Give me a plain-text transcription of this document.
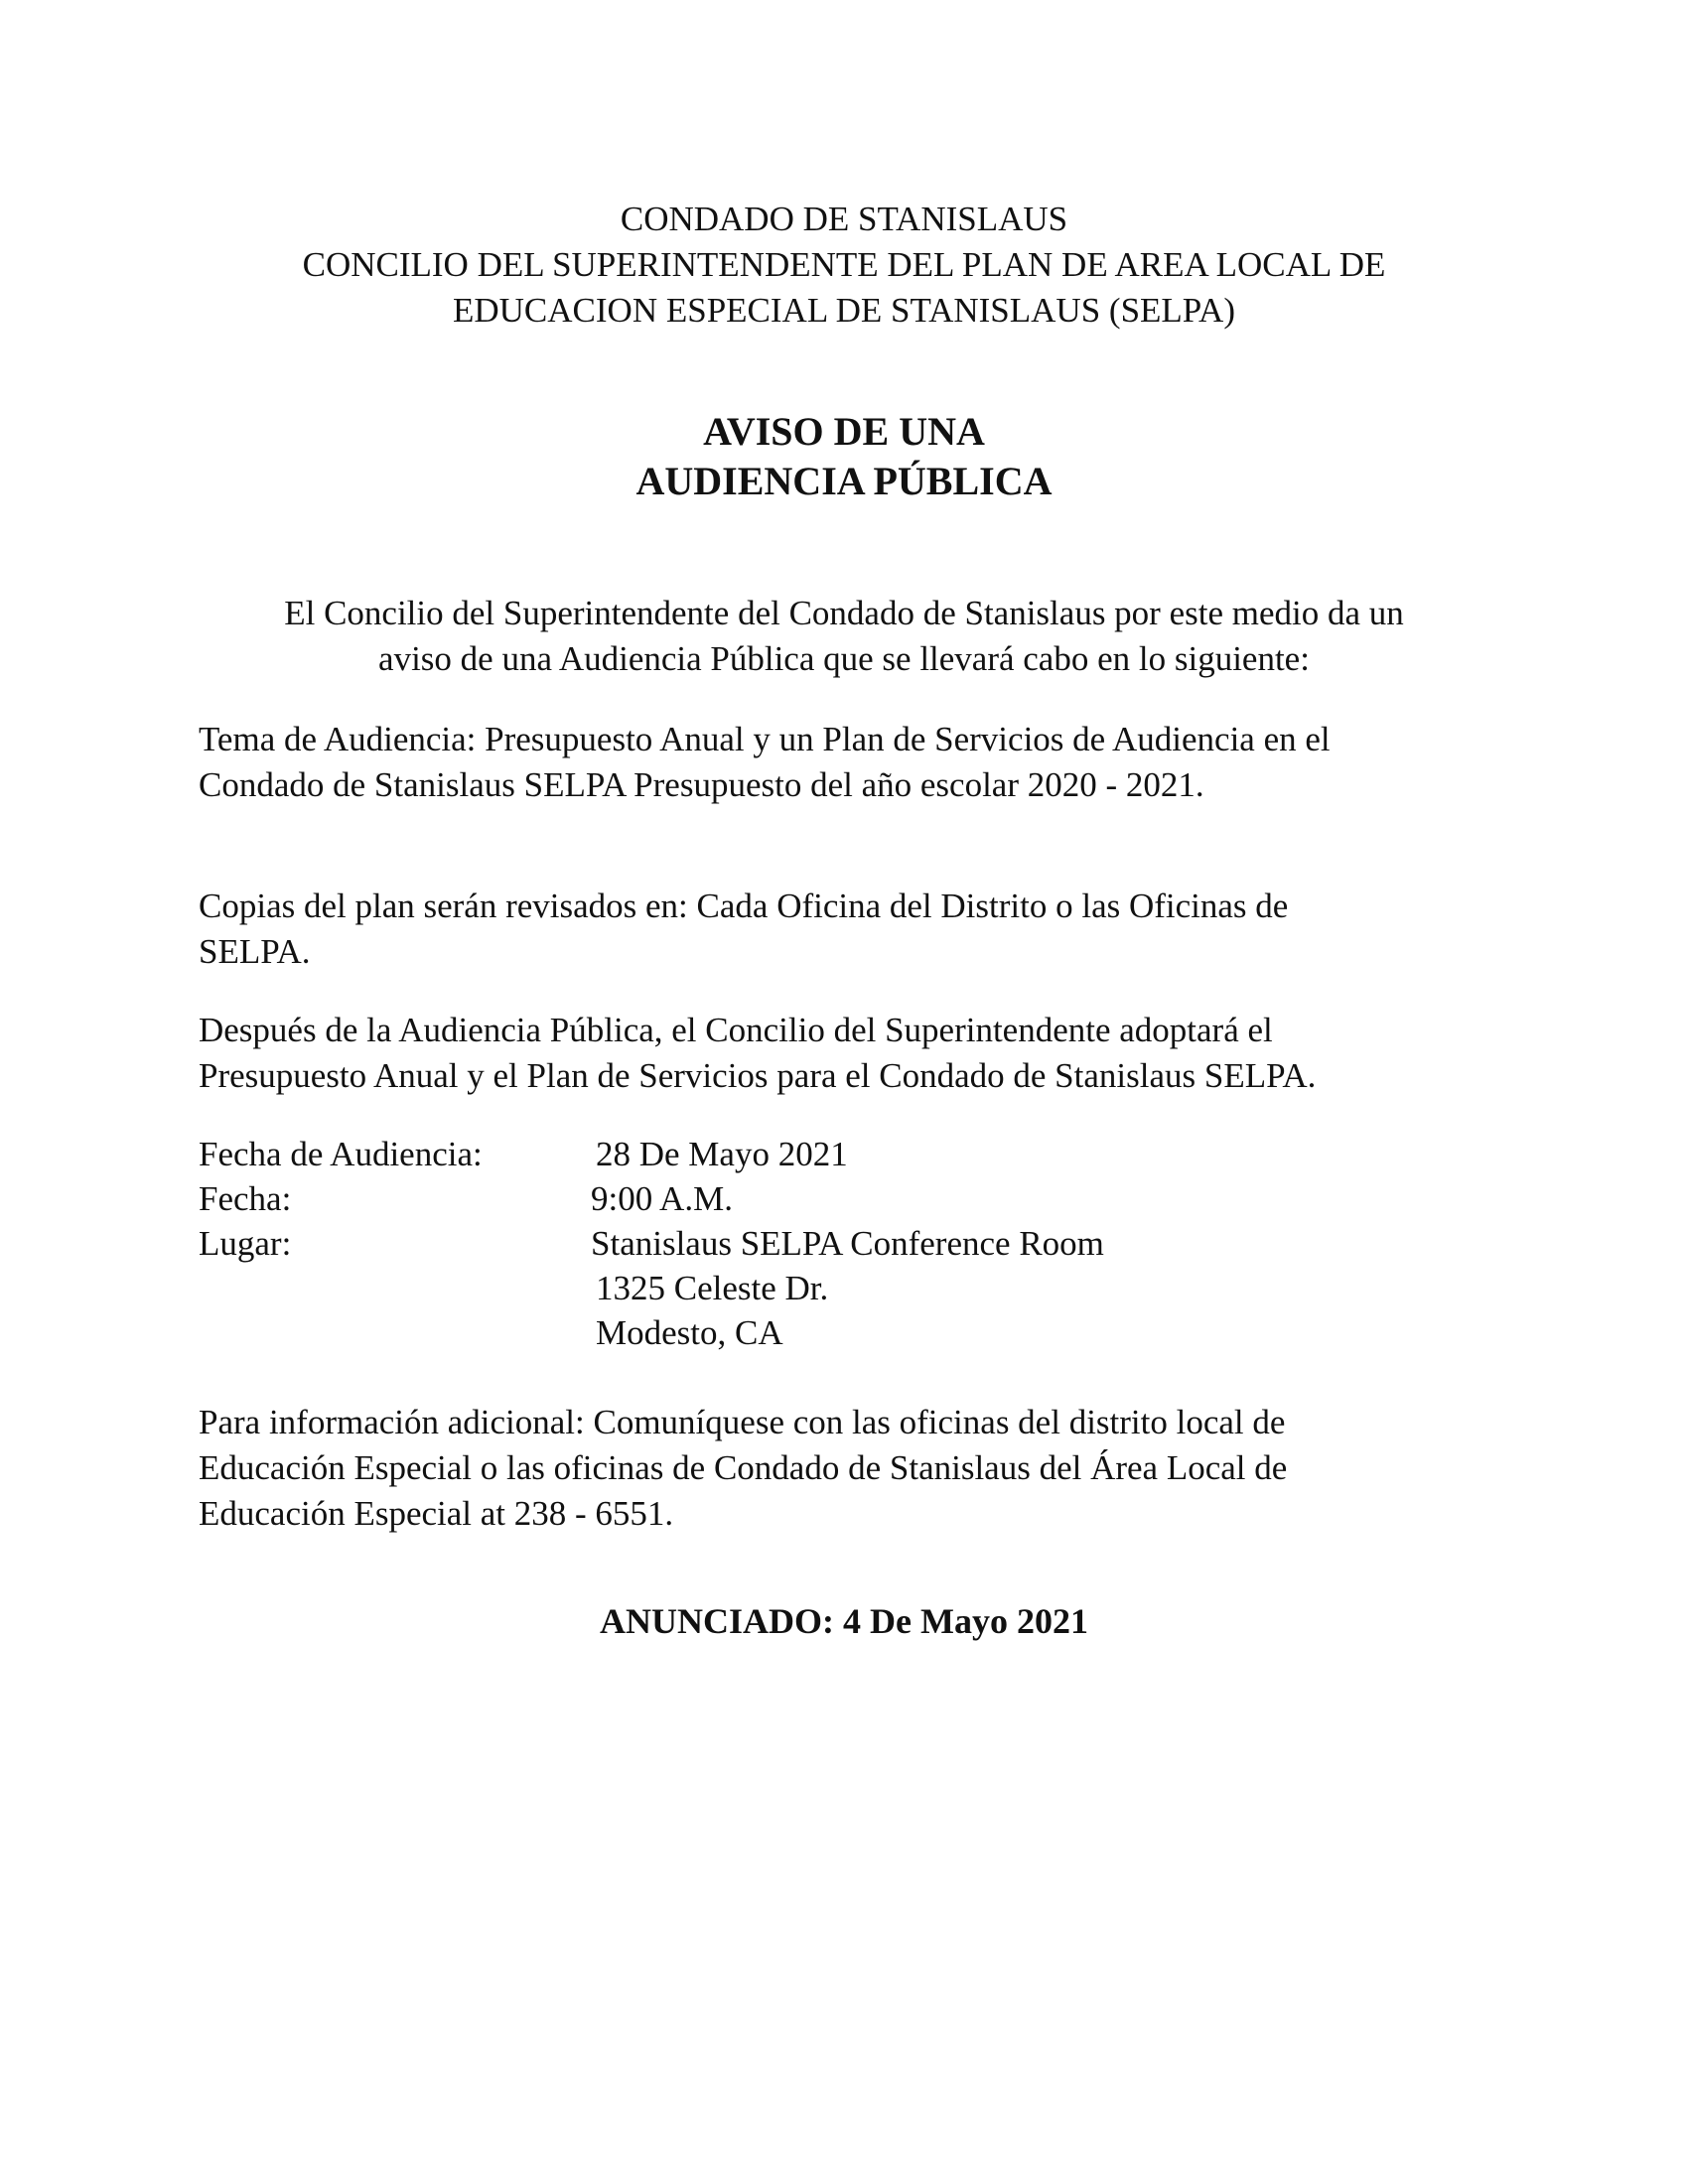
CONDADO DE STANISLAUS
CONCILIO DEL SUPERINTENDENTE DEL PLAN DE AREA LOCAL DE
EDUCACION ESPECIAL DE STANISLAUS (SELPA)
AVISO DE UNA
AUDIENCIA PÚBLICA
El Concilio del Superintendente del Condado de Stanislaus por este medio da un
aviso de una Audiencia Pública que se llevará cabo en lo siguiente:
Tema de Audiencia: Presupuesto Anual y un Plan de Servicios de Audiencia en el
Condado de Stanislaus SELPA Presupuesto del año escolar 2020 - 2021.
Copias del plan serán revisados en: Cada Oficina del Distrito o las Oficinas de
SELPA.
Después de la Audiencia Pública, el Concilio del Superintendente adoptará el
Presupuesto Anual y el Plan de Servicios para el Condado de Stanislaus SELPA.
Fecha de Audiencia:	28 De Mayo 2021
Fecha:	9:00 A.M.
Lugar:	Stanislaus SELPA Conference Room
1325 Celeste Dr.
Modesto, CA
Para información adicional: Comuníquese con las oficinas del distrito local de
Educación Especial o las oficinas de Condado de Stanislaus del Área Local de
Educación Especial at 238 - 6551.
ANUNCIADO: 4 De Mayo 2021
